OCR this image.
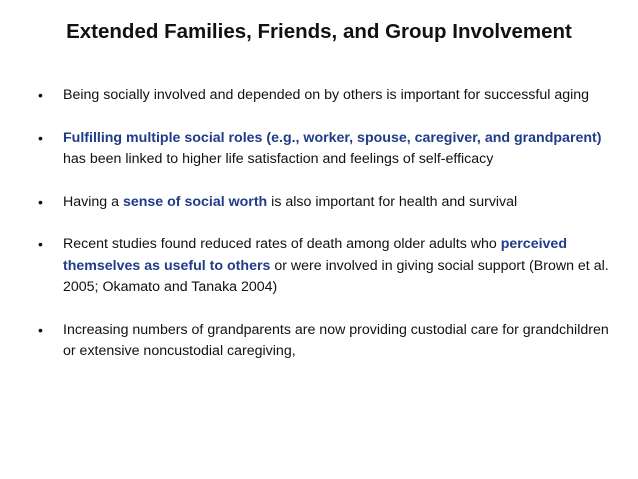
Extended Families, Friends, and Group Involvement
• Being socially involved and depended on by others is important for successful aging
• Fulfilling multiple social roles (e.g., worker, spouse, caregiver, and grandparent) has been linked to higher life satisfaction and feelings of self-efficacy
• Having a sense of social worth is also important for health and survival
• Recent studies found reduced rates of death among older adults who perceived themselves as useful to others or were involved in giving social support (Brown et al. 2005; Okamato and Tanaka 2004)
• Increasing numbers of grandparents are now providing custodial care for grandchildren or extensive noncustodial caregiving,
